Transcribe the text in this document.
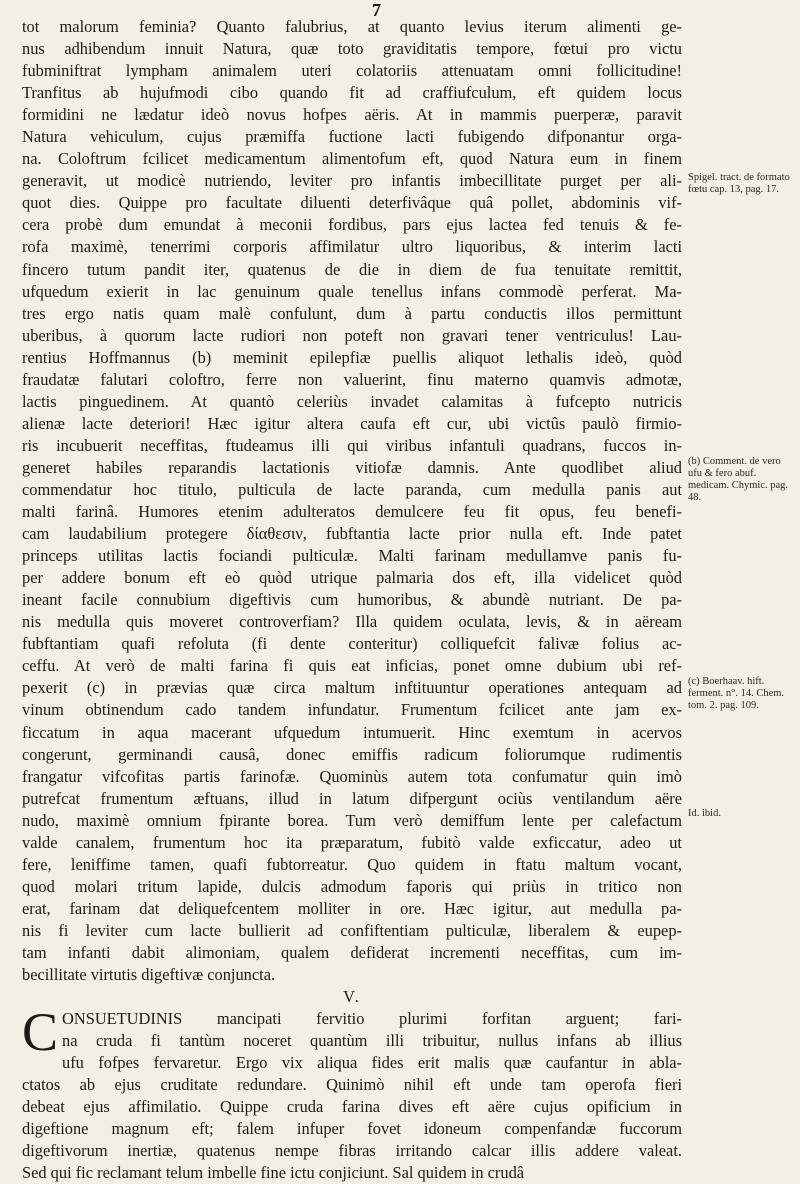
7

tot malorum feminia? Quanto falubrius, at quanto levius iterum alimenti ge-
nus adhibendum innuit Natura, quæ toto graviditatis tempore, fœtui pro victu
fubminiftrat lympham animalem uteri colatoriis attenuatam omni follicitudine!
Tranfitus ab hujufmodi cibo quando fit ad craffiufculum, eft quidem locus
formidini ne lædatur ideò novus hofpes aëris. At in mammis puerperæ, paravit
Natura vehiculum, cujus præmiffa fuctione lacti fubigendo difponantur orga-
na. Coloftrum fcilicet medicamentum alimentofum eft, quod Natura eum in finem
generavit, ut modicè nutriendo, leviter pro infantis imbecillitate purget per ali-
quot dies. Quippe pro facultate diluenti deterfivâque quâ pollet, abdominis vif-
cera probè dum emundat à meconii fordibus, pars ejus lactea fed tenuis & fe-
rofa maximè, tenerrimi corporis affimilatur ultro liquoribus, & interim lacti
fincero tutum pandit iter, quatenus de die in diem de fua tenuitate remittit,
ufquedum exierit in lac genuinum quale tenellus infans commodè perferat. Ma-
tres ergo natis quam malè confulunt, dum à partu conductis illos permittunt
uberibus, à quorum lacte rudiori non poteft non gravari tener ventriculus! Lau-
rentius Hoffmannus (b) meminit epilepfiæ puellis aliquot lethalis ideò, quòd
fraudatæ falutari coloftro, ferre non valuerint, finu materno quamvis admotæ,
lactis pinguedinem. At quantò celeriùs invadet calamitas à fufcepto nutricis
alienæ lacte deteriori! Hæc igitur altera caufa eft cur, ubi victûs paulò firmio-
ris incubuerit neceffitas, ftudeamus illi qui viribus infantuli quadrans, fuccos in-
generet habiles reparandis lactationis vitiofæ damnis. Ante quodlibet aliud
commendatur hoc titulo, pulticula de lacte paranda, cum medulla panis aut
malti farinâ. Humores etenim adulteratos demulcere feu fit opus, feu benefi-
cam laudabilium protegere δίαθεσιν, fubftantia lacte prior nulla eft. Inde patet
princeps utilitas lactis fociandi pulticulæ. Malti farinam medullamve panis fu-
per addere bonum eft eò quòd utrique palmaria dos eft, illa videlicet quòd
ineant facile connubium digeftivis cum humoribus, & abundè nutriant. De pa-
nis medulla quis moveret controverfiam? Illa quidem oculata, levis, & in aëream
fubftantiam quafi refoluta (fi dente conteritur) colliquefcit falivæ folius ac-
ceffu. At verò de malti farina fi quis eat inficias, ponet omne dubium ubi ref-
pexerit (c) in prævias quæ circa maltum inftituuntur operationes antequam ad
vinum obtinendum cado tandem infundatur. Frumentum fcilicet ante jam ex-
ficcatum in aqua macerant ufquedum intumuerit. Hinc exemtum in acervos
congerunt, germinandi causâ, donec emiffis radicum foliorumque rudimentis
frangatur vifcofitas partis farinofæ. Quominùs autem tota confumatur quin imò
putrefcat frumentum æftuans, illud in latum difpergunt ociùs ventilandum aëre
nudo, maximè omnium fpirante borea. Tum verò demiffum lente per calefactum
valde canalem, frumentum hoc ita præparatum, fubitò valde exficcatur, adeo ut
fere, leniffime tamen, quafi fubtorreatur. Quo quidem in ftatu maltum vocant,
quod molari tritum lapide, dulcis admodum faporis qui priùs in tritico non
erat, farinam dat deliquefcentem molliter in ore. Hæc igitur, aut medulla pa-
nis fi leviter cum lacte bullierit ad confiftentiam pulticulæ, liberalem & eupep-
tam infanti dabit alimoniam, qualem defiderat incrementi neceffitas, cum im-
becillitate virtutis digeftivæ conjuncta.

V.

C ONSUETUDINIS mancipati fervitio plurimi forfitan arguent; fari-
na cruda fi tantùm noceret quantùm illi tribuitur, nullus infans ab illius
ufu fofpes fervaretur. Ergo vix aliqua fides erit malis quæ caufantur in abla-
ctatos ab ejus cruditate redundare. Quinimò nihil eft unde tam operofa fieri
debeat ejus affimilatio. Quippe cruda farina dives eft aëre cujus opificium in
digeftione magnum eft; falem infuper fovet idoneum compenfandæ fuccorum
digeftivorum inertiæ, quatenus nempe fibras irritando calcar illis addere valeat.
Sed qui fic reclamant telum imbelle fine ictu conjiciunt. Sal quidem in crudâ

Spigel. tract. de formato fœtu cap. 13, pag. 17.
(b) Comment. de vero ufu & fero abuf. medicam. Chymic. pag. 48.
(c) Boerhaav. hift. ferment. n°. 14. Chem. tom. 2. pag. 109.
Id. ibid.
